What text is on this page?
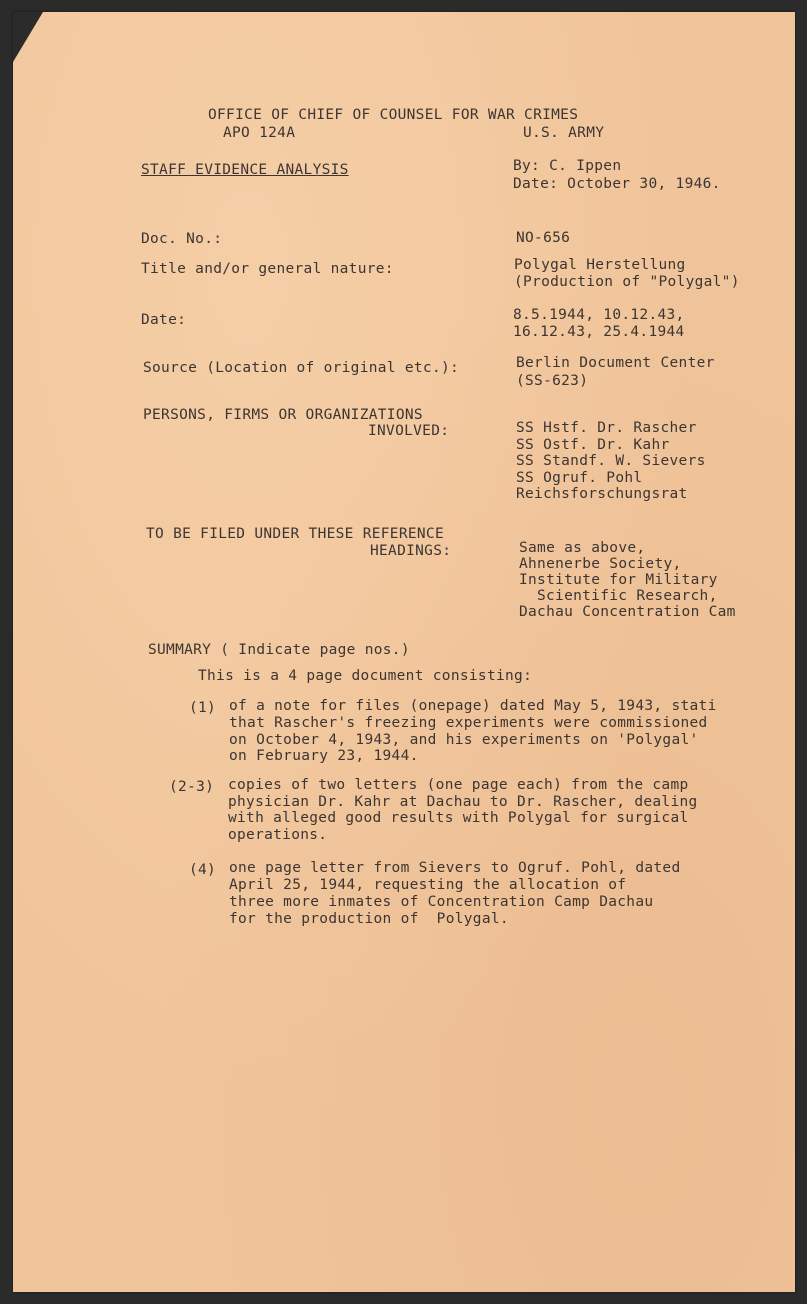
OFFICE OF CHIEF OF COUNSEL FOR WAR CRIMES
APO 124A	U.S. ARMY
STAFF EVIDENCE ANALYSIS	By: C. Ippen
Date: October 30, 1946.
Doc. No.:	NO-656
Title and/or general nature:	Polygal Herstellung
(Production of "Polygal")
Date:	8.5.1944, 10.12.43,
16.12.43, 25.4.1944
Source (Location of original etc.):	Berlin Document Center
(SS-623)
PERSONS, FIRMS OR ORGANIZATIONS
INVOLVED:	SS Hstf. Dr. Rascher
SS Ostf. Dr. Kahr
SS Standf. W. Sievers
SS Ogruf. Pohl
Reichsforschungsrat
TO BE FILED UNDER THESE REFERENCE
HEADINGS:	Same as above,
Ahnenerbe Society,
Institute for Military
Scientific Research,
Dachau Concentration Cam
SUMMARY ( Indicate page nos.)
This is a 4 page document consisting:
(1) of a note for files (onepage) dated May 5, 1943, stati
that Rascher's freezing experiments were commissioned
on October 4, 1943, and his experiments on 'Polygal'
on February 23, 1944.
(2-3) copies of two letters (one page each) from the camp
physician Dr. Kahr at Dachau to Dr. Rascher, dealing
with alleged good results with Polygal for surgical
operations.
(4) one page letter from Sievers to Ogruf. Pohl, dated
April 25, 1944, requesting the allocation of
three more inmates of Concentration Camp Dachau
for the production of  Polygal.
